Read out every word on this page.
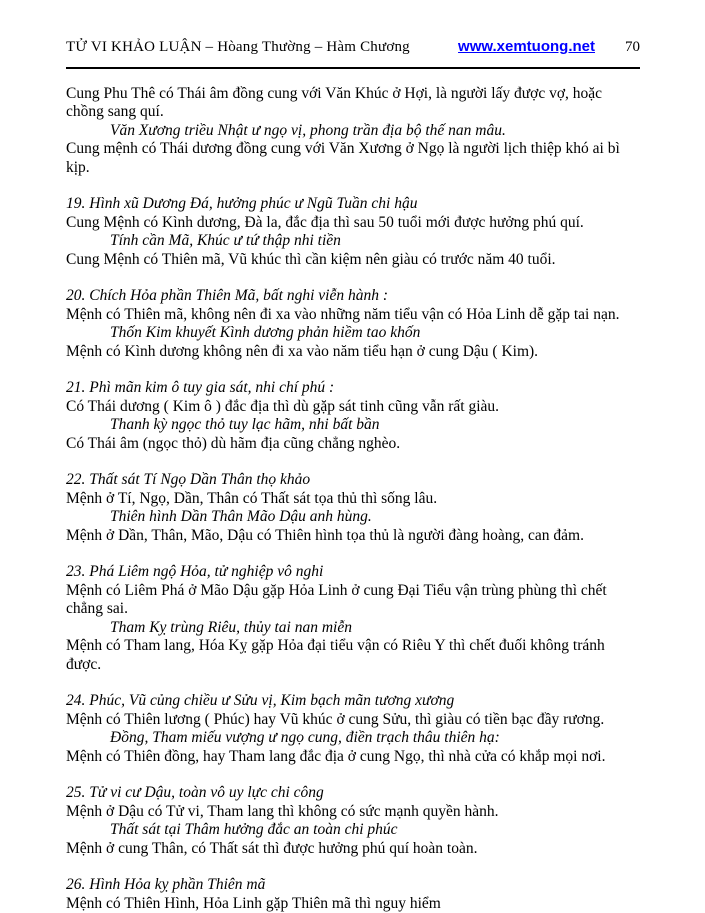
TỬ VI KHẢO LUẬN – Hòang Thường – Hàm Chương	www.xemtuong.net 70

Cung Phu Thê có Thái âm đồng cung với Văn Khúc ở Hợi, là người lấy được vợ, hoặc chồng sang quí.

Văn Xương triều Nhật ư ngọ vị, phong trần địa bộ thế nan mâu.

Cung mệnh có Thái dương đồng cung với Văn Xương ở Ngọ là người lịch thiệp khó ai bì kịp.

19. Hình xũ Dương Đá, hưởng phúc ư Ngũ Tuần chi hậu

Cung Mệnh có Kình dương, Đà la, đắc địa thì sau 50 tuổi mới được hưởng phú quí.

Tính cần Mã, Khúc ư tứ thập nhi tiền

Cung Mệnh có Thiên mã, Vũ khúc thì cần kiệm nên giàu có trước năm 40 tuổi.

20. Chích Hỏa phần Thiên Mã, bất nghi viễn hành :

Mệnh có Thiên mã, không nên đi xa vào những năm tiểu vận có Hỏa Linh dễ gặp tai nạn.

Thốn Kim khuyết Kình dương phản hiềm tao khốn

Mệnh có Kình dương không nên đi xa vào năm tiểu hạn ở cung Dậu ( Kim).

21. Phì mãn kim ô tuy gia sát, nhi chí phú :

Có Thái dương ( Kim ô ) đắc địa thì dù gặp sát tinh cũng vẫn rất giàu.

Thanh kỳ ngọc thỏ tuy lạc hãm, nhi bất bần

Có Thái âm (ngọc thỏ) dù hãm địa cũng chẳng nghèo.

22. Thất sát Tí Ngọ Dần Thân thọ khảo

Mệnh ở Tí, Ngọ, Dần, Thân có Thất sát tọa thủ thì sống lâu.

Thiên hình Dần Thân Mão Dậu anh hùng.

Mệnh ở Dần, Thân, Mão, Dậu có Thiên hình tọa thủ là người đàng hoàng, can đảm.

23. Phá Liêm ngộ Hỏa, tử nghiệp vô nghi

Mệnh có Liêm Phá ở Mão Dậu gặp Hỏa Linh ở cung Đại Tiểu vận trùng phùng thì chết chẳng sai.

Tham Kỵ trùng Riêu, thủy tai nan miễn

Mệnh có Tham lang, Hóa Kỵ gặp Hỏa đại tiểu vận có Riêu Y thì chết đuối không tránh được.

24. Phúc, Vũ củng chiều ư Sửu vị, Kim bạch mãn tương xương

Mệnh có Thiên lương ( Phúc) hay Vũ khúc ở cung Sửu, thì giàu có tiền bạc đầy rương.

Đồng, Tham miếu vượng ư ngọ cung, điền trạch thâu thiên hạ:

Mệnh có Thiên đồng, hay Tham lang đắc địa ở cung Ngọ, thì nhà cửa có khắp mọi nơi.

25. Tử vi cư Dậu, toàn vô uy lực chi công

Mệnh ở Dậu có Tử vi, Tham lang thì không có sức mạnh quyền hành.

Thất sát tại Thâm hưởng đắc an toàn chi phúc

Mệnh ở cung Thân, có Thất sát thì được hưởng phú quí hoàn toàn.

26. Hình Hỏa kỵ phần Thiên mã

Mệnh có Thiên Hình, Hỏa Linh gặp Thiên mã thì nguy hiểm
